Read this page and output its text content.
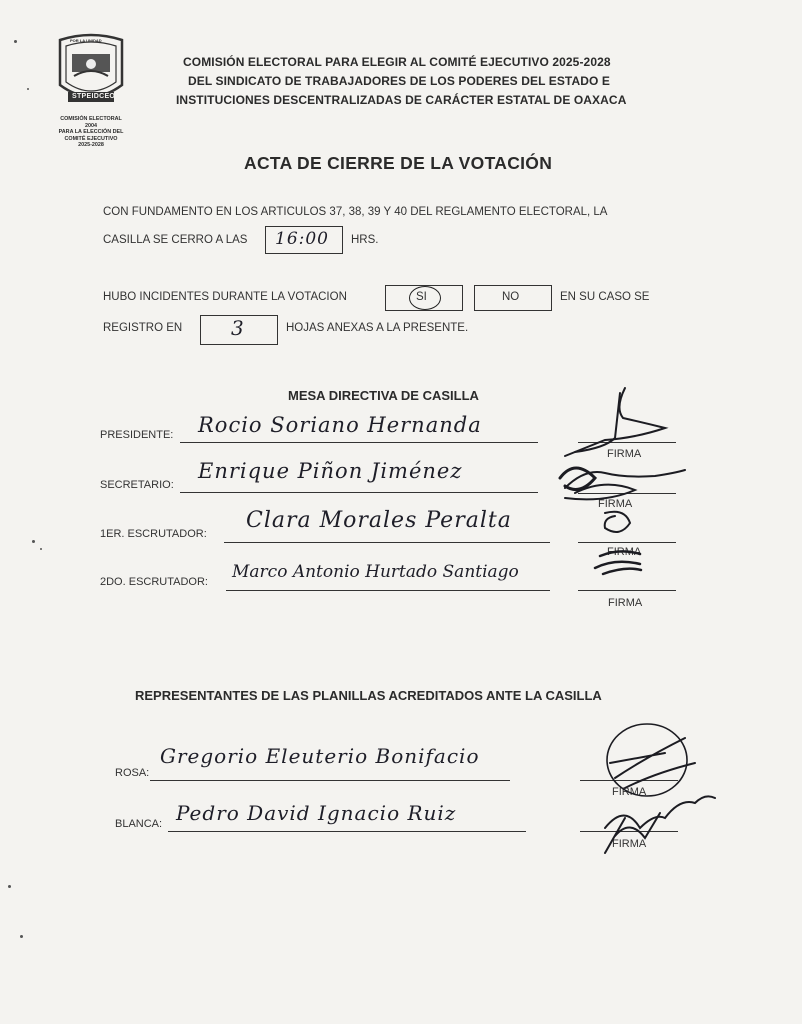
POR LA UNIDAD
STPEIDCEO
COMISIÓN ELECTORAL
2004
PARA LA ELECCIÓN DEL
COMITÉ EJECUTIVO
2025-2028
COMISIÓN ELECTORAL PARA ELEGIR AL COMITÉ EJECUTIVO 2025-2028
DEL SINDICATO DE TRABAJADORES DE LOS PODERES DEL ESTADO E
INSTITUCIONES DESCENTRALIZADAS DE CARÁCTER ESTATAL DE OAXACA
ACTA DE CIERRE DE LA VOTACIÓN
CON FUNDAMENTO EN LOS ARTICULOS 37, 38, 39 Y 40 DEL REGLAMENTO ELECTORAL, LA
CASILLA SE CERRO A LAS 16:00 HRS.
HUBO INCIDENTES DURANTE LA VOTACION	SI	NO	EN SU CASO SE
REGISTRO EN 3	HOJAS ANEXAS A LA PRESENTE.
MESA DIRECTIVA DE CASILLA
PRESIDENTE: Rocio Soriano Hernanda
FIRMA
SECRETARIO:
Enrique Piñon Jiménez
FIRMA
1ER. ESCRUTADOR:
Clara Morales Peralta
FIRMA
2DO. ESCRUTADOR: Marco Antonio Hurtado Santiago
FIRMA
REPRESENTANTES DE LAS PLANILLAS ACREDITADOS ANTE LA CASILLA
ROSA:
Gregorio Eleuterio Bonifacio
FIRMA
BLANCA: Pedro David Ignacio Ruiz
FIRMA
